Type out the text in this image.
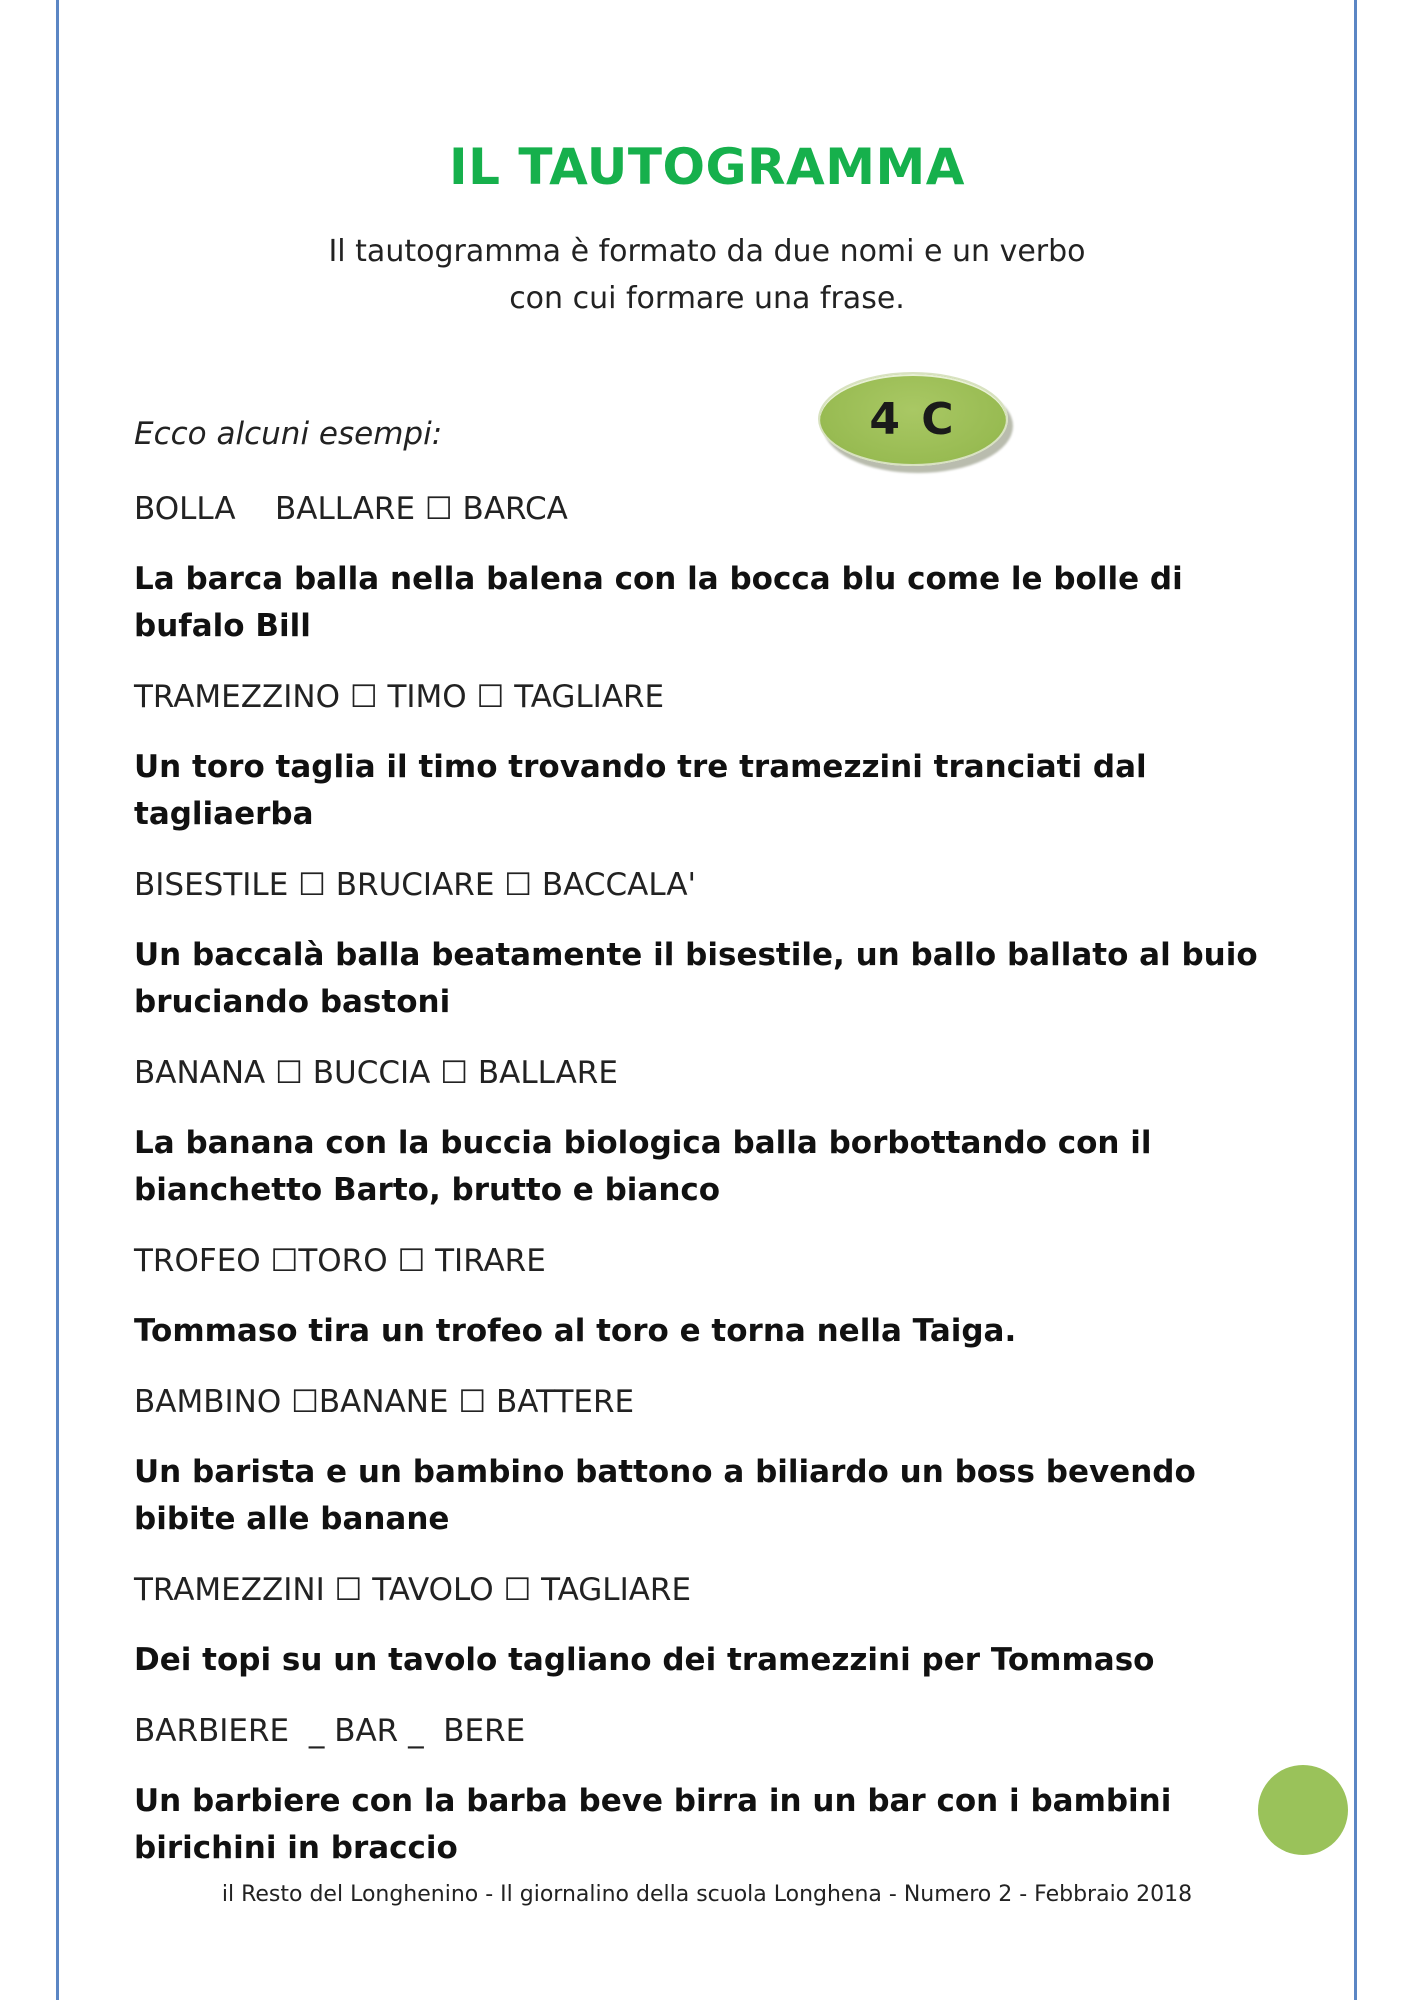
IL TAUTOGRAMMA
Il tautogramma è formato da due nomi e un verbo
con cui formare una frase.
4 C
Ecco alcuni esempi:
BOLLA    BALLARE ☐ BARCA
La barca balla nella balena con la bocca blu come le bolle di bufalo Bill
TRAMEZZINO ☐ TIMO ☐ TAGLIARE
Un toro taglia il timo trovando tre tramezzini tranciati dal tagliaerba
BISESTILE ☐ BRUCIARE ☐ BACCALA'
Un baccalà balla beatamente il bisestile, un ballo ballato al buio bruciando bastoni
BANANA ☐ BUCCIA ☐ BALLARE
La banana con la buccia biologica balla borbottando con il bianchetto Barto, brutto e bianco
TROFEO ☐TORO ☐ TIRARE
Tommaso tira un trofeo al toro e torna nella Taiga.
BAMBINO ☐BANANE ☐ BATTERE
Un barista e un bambino battono a biliardo un boss bevendo bibite alle banane
TRAMEZZINI ☐ TAVOLO ☐ TAGLIARE
Dei topi su un tavolo tagliano dei tramezzini per Tommaso
BARBIERE  _ BAR _  BERE
Un barbiere con la barba beve birra in un bar con i bambini birichini in braccio
il Resto del Longhenino - Il giornalino della scuola Longhena - Numero 2 - Febbraio 2018
